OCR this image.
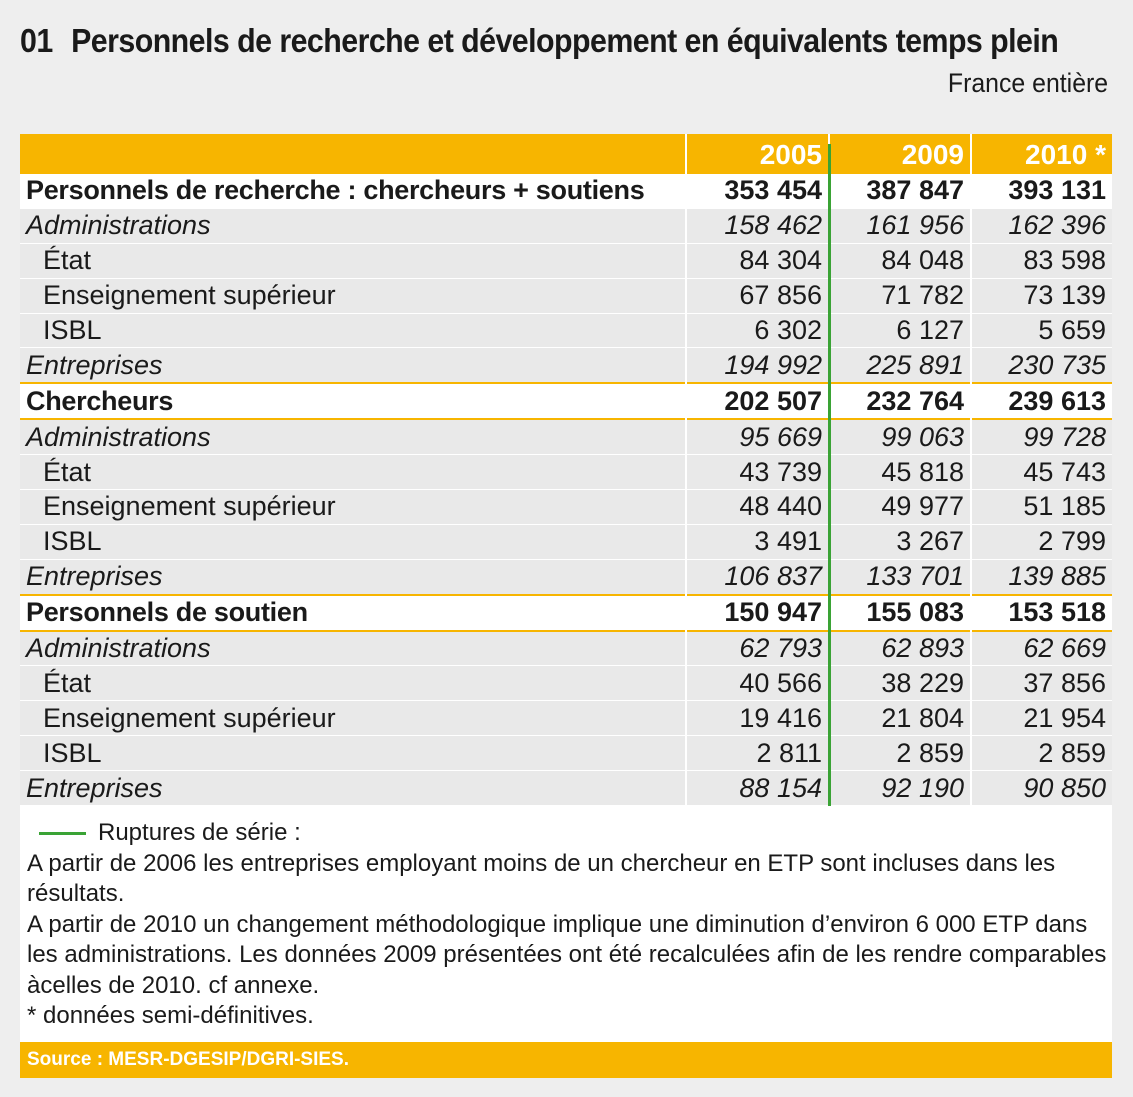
01 Personnels de recherche et développement en équivalents temps plein
France entière
	2005	2009	2010 *
Personnels de recherche : chercheurs + soutiens	353 454	387 847	393 131
Administrations	158 462	161 956	162 396
État	84 304	84 048	83 598
Enseignement supérieur	67 856	71 782	73 139
ISBL	6 302	6 127	5 659
Entreprises	194 992	225 891	230 735
Chercheurs	202 507	232 764	239 613
Administrations	95 669	99 063	99 728
État	43 739	45 818	45 743
Enseignement supérieur	48 440	49 977	51 185
ISBL	3 491	3 267	2 799
Entreprises	106 837	133 701	139 885
Personnels de soutien	150 947	155 083	153 518
Administrations	62 793	62 893	62 669
État	40 566	38 229	37 856
Enseignement supérieur	19 416	21 804	21 954
ISBL	2 811	2 859	2 859
Entreprises	88 154	92 190	90 850
Ruptures de série :

A partir de 2006 les entreprises employant moins de un chercheur en ETP sont incluses dans les résultats.

A partir de 2010 un changement méthodologique implique une diminution d’environ 6 000 ETP dans les administrations. Les données 2009 présentées ont été recalculées afin de les rendre comparables àcelles de 2010. cf annexe.

* données semi-définitives.

Source : MESR-DGESIP/DGRI-SIES.
